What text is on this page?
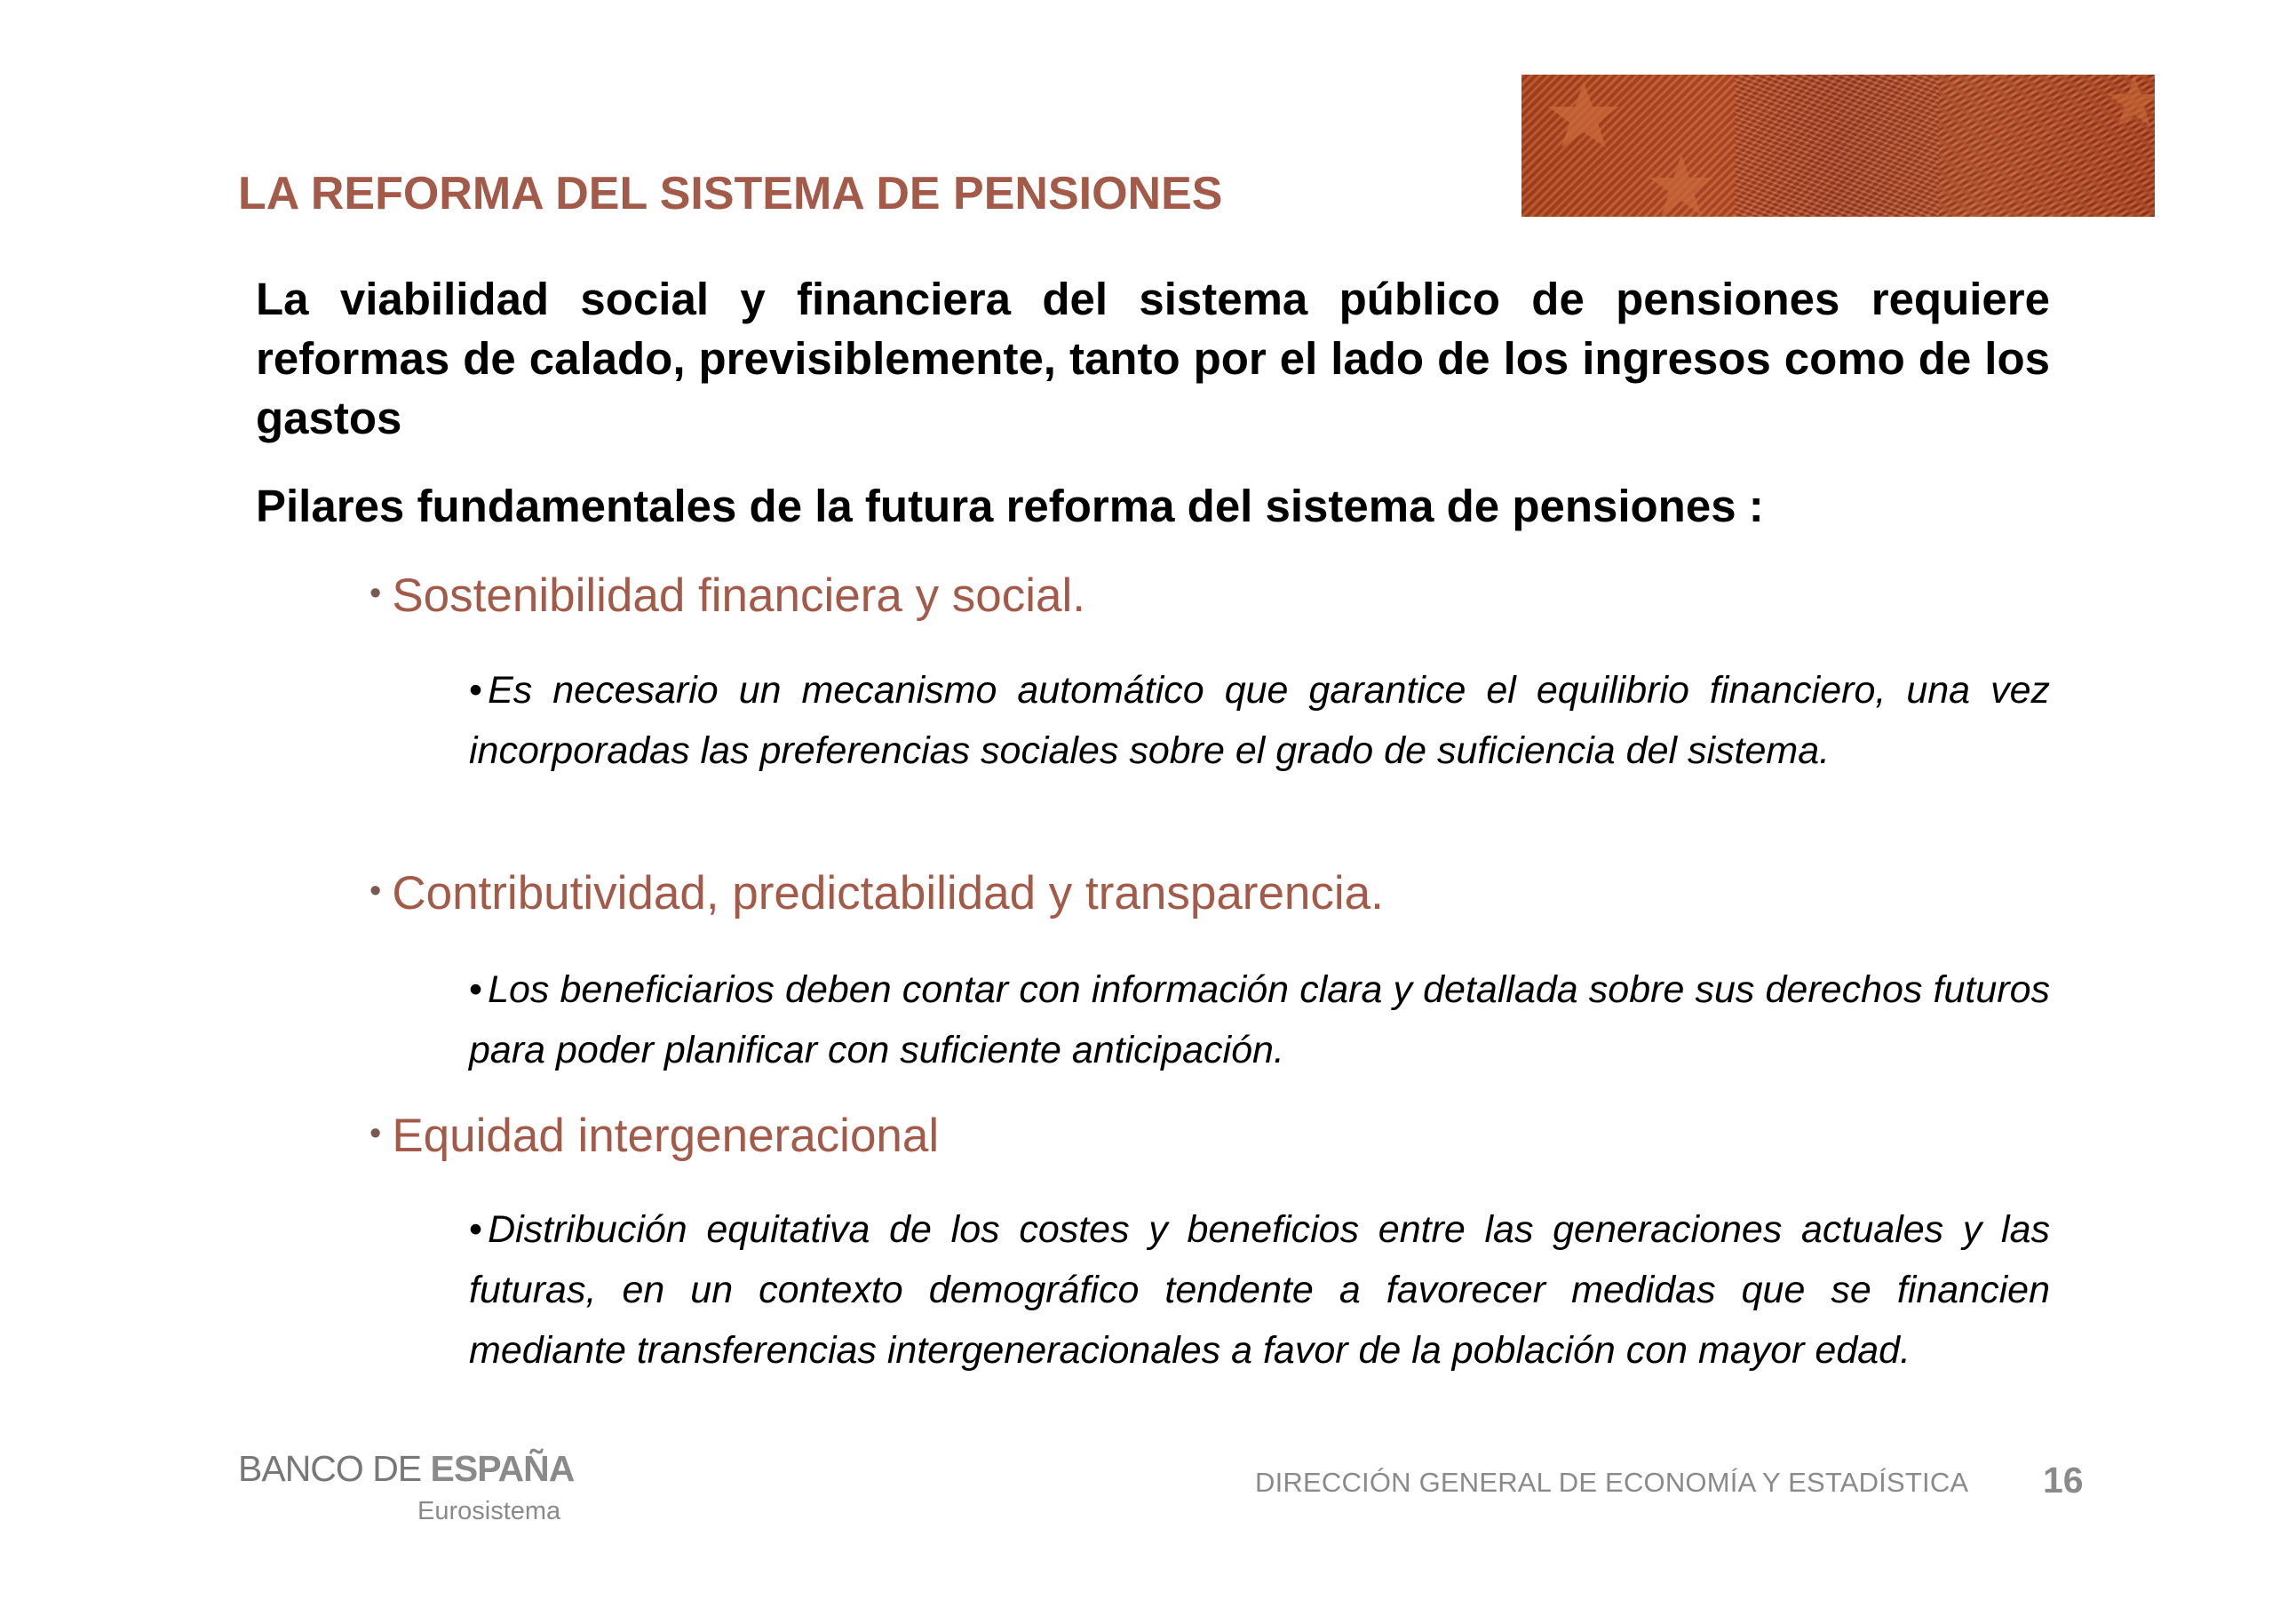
LA REFORMA DEL SISTEMA DE PENSIONES

La viabilidad social y financiera del sistema público de pensiones requiere reformas de calado, previsiblemente, tanto por el lado de los ingresos como de los gastos

Pilares fundamentales de la futura reforma del sistema de pensiones :

• Sostenibilidad financiera y social.

• Es necesario un mecanismo automático que garantice el equilibrio financiero, una vez incorporadas las preferencias sociales sobre el grado de suficiencia del sistema.

• Contributividad, predictabilidad y transparencia.

• Los beneficiarios deben contar con información clara y detallada sobre sus derechos futuros para poder planificar con suficiente anticipación.

• Equidad intergeneracional

• Distribución equitativa de los costes y beneficios entre las generaciones actuales y las futuras, en un contexto demográfico tendente a favorecer medidas que se financien mediante transferencias intergeneracionales a favor de la población con mayor edad.

BANCO DE ESPAÑA
Eurosistema
DIRECCIÓN GENERAL DE ECONOMÍA Y ESTADÍSTICA 16
